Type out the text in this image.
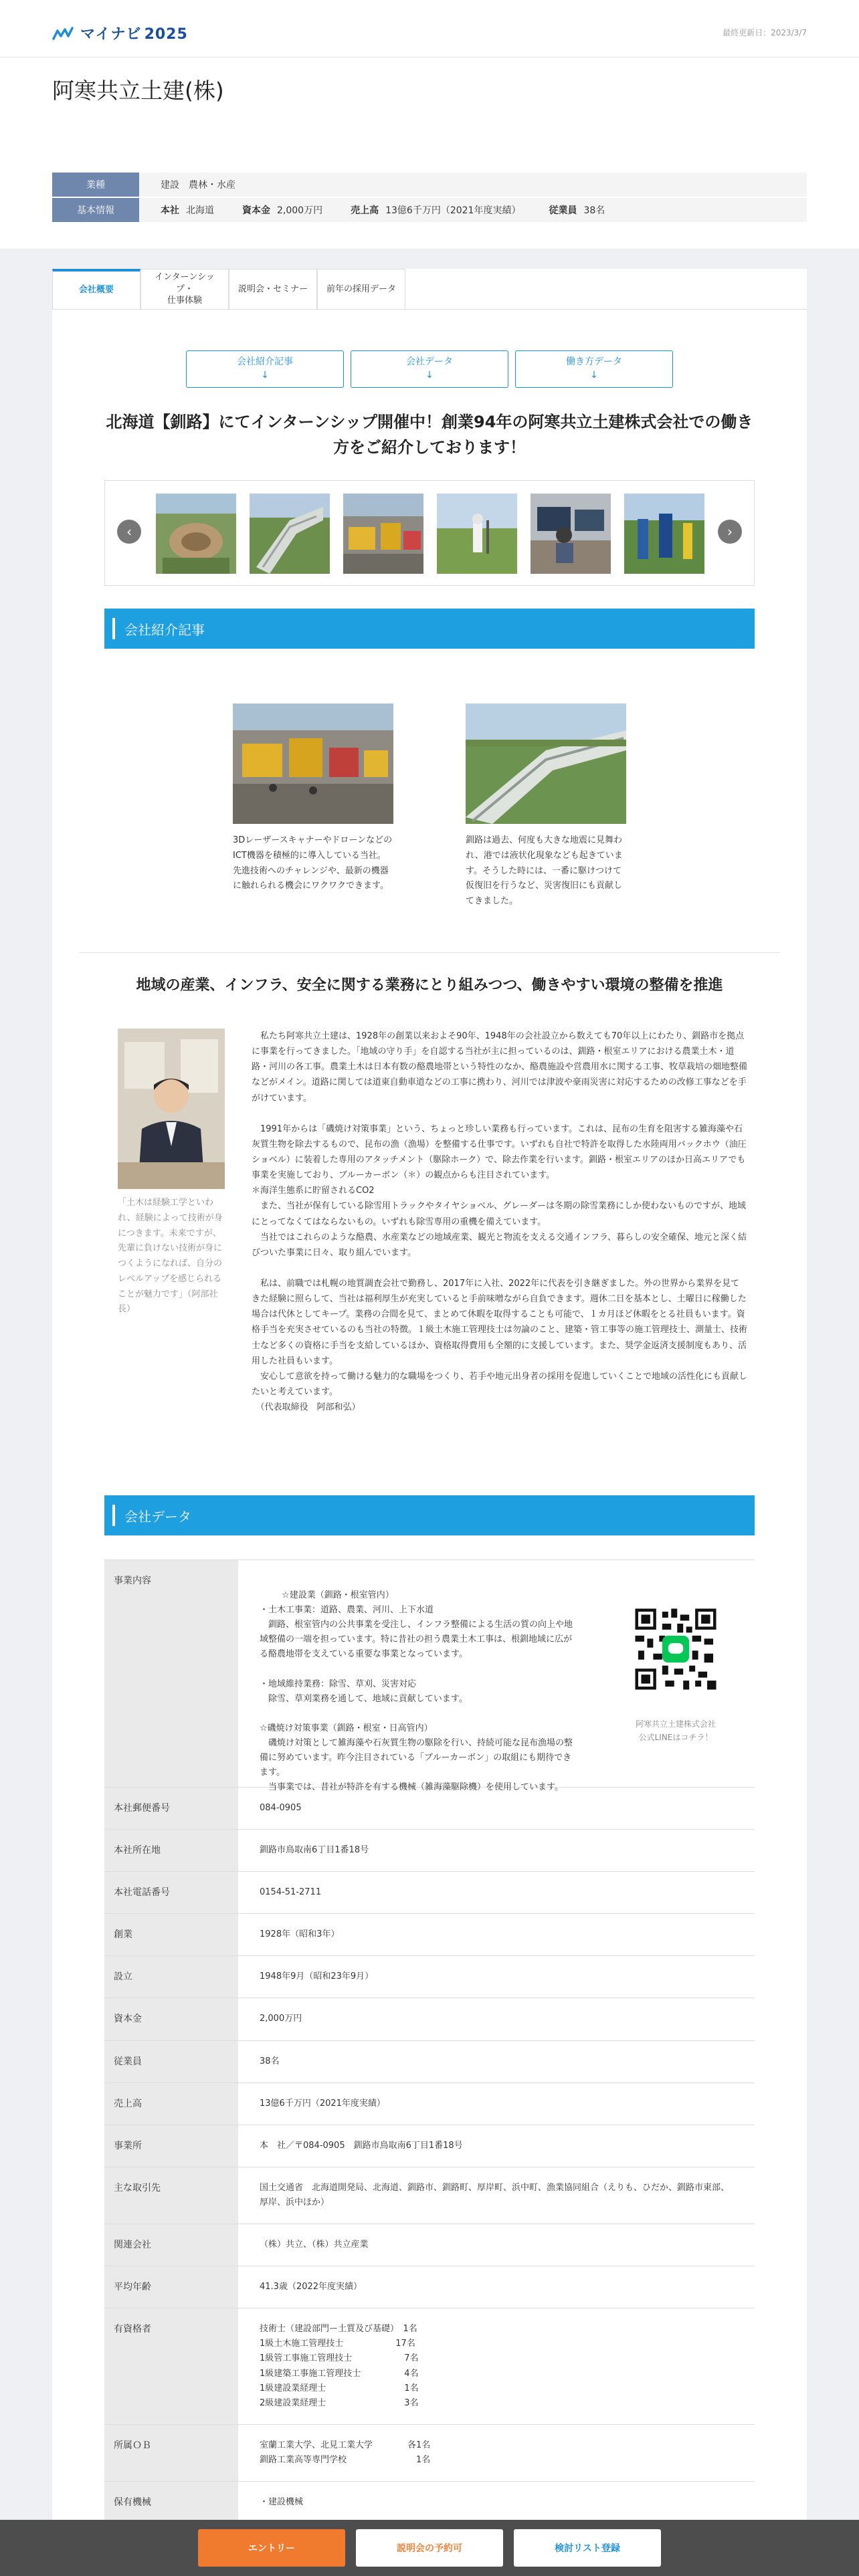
マイナビ 2025	最終更新日：2023/3/7
阿寒共立土建(株)
業種	建設　農林・水産
基本情報	本社 北海道	資本金 2,000万円	売上高 13億6千万円（2021年度実績）	従業員 38名
会社概要
インターンシップ・
仕事体験
説明会・セミナー	前年の採用データ
会社紹介記事
↓
会社データ
↓
働き方データ
↓
北海道【釧路】にてインターンシップ開催中！創業94年の阿寒共立土建株式会社での働き方をご紹介しております！
‹	›
会社紹介記事

3Dレーザースキャナーやドローンなどの ICT機器を積極的に導入している当社。先進技術へのチャレンジや、最新の機器に触れられる機会にワクワクできます。

釧路は過去、何度も大きな地震に見舞われ、港では液状化現象なども起きています。そうした時には、一番に駆けつけて仮復旧を行うなど、災害復旧にも貢献してきました。

地域の産業、インフラ、安全に関する業務にとり組みつつ、働きやすい環境の整備を推進

「土木は経験工学といわれ、経験によって技術が身につきます。未来ですが、先輩に負けない技術が身につくようになれば、自分のレベルアップを感じられることが魅力です」（阿部社長）

　私たち阿寒共立土建は、1928年の創業以来およそ90年、1948年の会社設立から数えても70年以上にわたり、釧路市を拠点に事業を行ってきました。「地域の守り手」を自認する当社が主に担っているのは、釧路・根室エリアにおける農業土木・道路・河川の各工事。農業土木は日本有数の酪農地帯という特性のなか、酪農施設や営農用水に関する工事、牧草栽培の畑地整備などがメイン。道路に関しては道東自動車道などの工事に携わり、河川では津波や豪雨災害に対応するための改修工事などを手がけています。

　1991年からは「磯焼け対策事業」という、ちょっと珍しい業務も行っています。これは、昆布の生育を阻害する雑海藻や石灰質生物を除去するもので、昆布の漁（漁場）を整備する仕事です。いずれも自社で特許を取得した水陸両用バックホウ（油圧ショベル）に装着した専用のアタッチメント（駆除ホーク）で、除去作業を行います。釧路・根室エリアのほか日高エリアでも事業を実施しており、ブルーカーボン（＊）の観点からも注目されています。
＊海洋生態系に貯留されるCO2
　また、当社が保有している除雪用トラックやタイヤショベル、グレーダーは冬期の除雪業務にしか使わないものですが、地域にとってなくてはならないもの。いずれも除雪専用の重機を備えています。
　当社ではこれらのような酪農、水産業などの地域産業、観光と物流を支える交通インフラ、暮らしの安全確保、地元と深く結びついた事業に日々、取り組んでいます。

　私は、前職では札幌の地質調査会社で勤務し、2017年に入社、2022年に代表を引き継ぎました。外の世界から業界を見てきた経験に照らして、当社は福利厚生が充実していると手前味噌ながら自負できます。週休二日を基本とし、土曜日に稼働した場合は代休としてキープ。業務の合間を見て、まとめて休暇を取得することも可能で、１カ月ほど休暇をとる社員もいます。資格手当を充実させているのも当社の特徴。１級土木施工管理技士は勿論のこと、建築・管工事等の施工管理技士、測量士、技術士など多くの資格に手当を支給しているほか、資格取得費用も全額的に支援しています。また、奨学金返済支援制度もあり、活用した社員もいます。
　安心して意欲を持って働ける魅力的な職場をつくり、若手や地元出身者の採用を促進していくことで地域の活性化にも貢献したいと考えています。
　（代表取締役　阿部和弘）

会社データ
事業内容

☆建設業（釧路・根室管内）
・土木工事業：道路、農業、河川、上下水道
　釧路、根室管内の公共事業を受注し、インフラ整備による生活の質の向上や地
域整備の一端を担っています。特に昔社の担う農業土木工事は、根釧地域に広が
る酪農地帯を支えている重要な事業となっています。

・地域維持業務：除雪、草刈、災害対応
　除雪、草刈業務を通して、地域に貢献しています。

☆磯焼け対策事業（釧路・根室・日高管内）
　磯焼け対策として雑海藻や石灰質生物の駆除を行い、持続可能な昆布漁場の整
備に努めています。昨今注目されている「ブルーカーボン」の取組にも期待でき
ます。
　当事業では、昔社が特許を有する機械（雑海藻駆除機）を使用しています。

阿寒共立土建株式会社
公式LINEはコチラ！

本社郵便番号	084-0905
本社所在地	釧路市鳥取南6丁目1番18号
本社電話番号	0154-51-2711
創業	1928年（昭和3年）
設立	1948年9月（昭和23年9月）
資本金	2,000万円
従業員	38名
売上高	13億6千万円（2021年度実績）
事業所	本　社／〒084-0905　釧路市鳥取南6丁目1番18号
主な取引先	国土交通省　北海道開発局、北海道、釧路市、釧路町、厚岸町、浜中町、漁業協同組合（えりも、ひだか、釧路市東部、厚岸、浜中ほか）
関連会社	（株）共立、（株）共立産業
平均年齢	41.3歳（2022年度実績）
有資格者	技術士（建設部門ー土質及び基礎）　1名
1級土木施工管理技士　　　　　　17名
1級管工事施工管理技士　　　　　　7名
1級建築工事施工管理技士　　　　　4名
1級建設業経理士　　　　　　　　　1名
2級建設業経理士　　　　　　　　　3名
所属ＯＢ	室蘭工業大学、北見工業大学　　　　各1名
釧路工業高等専門学校　　　　　　　　1名
保有機械	・建設機械
エントリー	説明会の予約可	検討リスト登録
